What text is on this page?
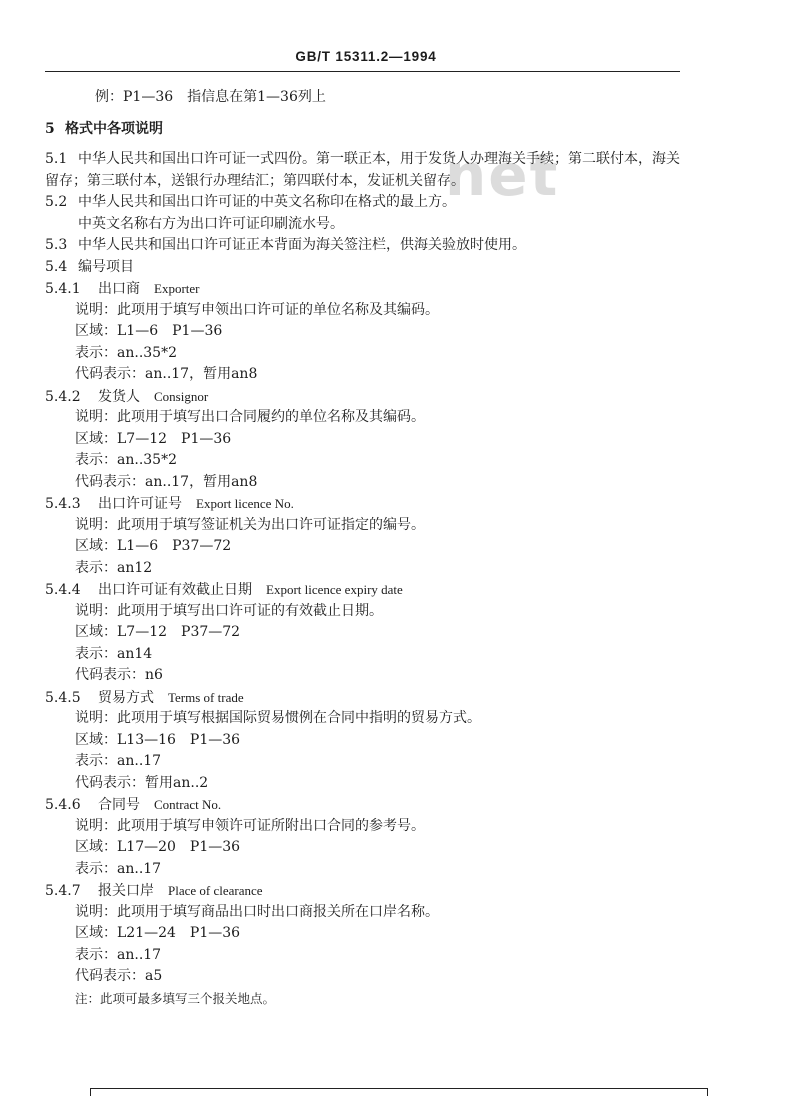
GB/T 15311.2—1994
net
例：P1—36　指信息在第1—36列上
5 格式中各项说明
5.1 中华人民共和国出口许可证一式四份。第一联正本，用于发货人办理海关手续；第二联付本，海关留存；第三联付本，送银行办理结汇；第四联付本，发证机关留存。
5.2 中华人民共和国出口许可证的中英文名称印在格式的最上方。
中英文名称右方为出口许可证印刷流水号。
5.3 中华人民共和国出口许可证正本背面为海关签注栏，供海关验放时使用。
5.4 编号项目
5.4.1 出口商 Exporter
说明：此项用于填写申领出口许可证的单位名称及其编码。
区域：L1—6　P1—36
表示：an..35*2
代码表示：an..17，暂用an8
5.4.2 发货人 Consignor
说明：此项用于填写出口合同履约的单位名称及其编码。
区域：L7—12　P1—36
表示：an..35*2
代码表示：an..17，暂用an8
5.4.3 出口许可证号 Export licence No.
说明：此项用于填写签证机关为出口许可证指定的编号。
区域：L1—6　P37—72
表示：an12
5.4.4 出口许可证有效截止日期 Export licence expiry date
说明：此项用于填写出口许可证的有效截止日期。
区域：L7—12　P37—72
表示：an14
代码表示：n6
5.4.5 贸易方式 Terms of trade
说明：此项用于填写根据国际贸易惯例在合同中指明的贸易方式。
区域：L13—16　P1—36
表示：an..17
代码表示：暂用an..2
5.4.6 合同号 Contract No.
说明：此项用于填写申领许可证所附出口合同的参考号。
区域：L17—20　P1—36
表示：an..17
5.4.7 报关口岸 Place of clearance
说明：此项用于填写商品出口时出口商报关所在口岸名称。
区域：L21—24　P1—36
表示：an..17
代码表示：a5
注：此项可最多填写三个报关地点。
